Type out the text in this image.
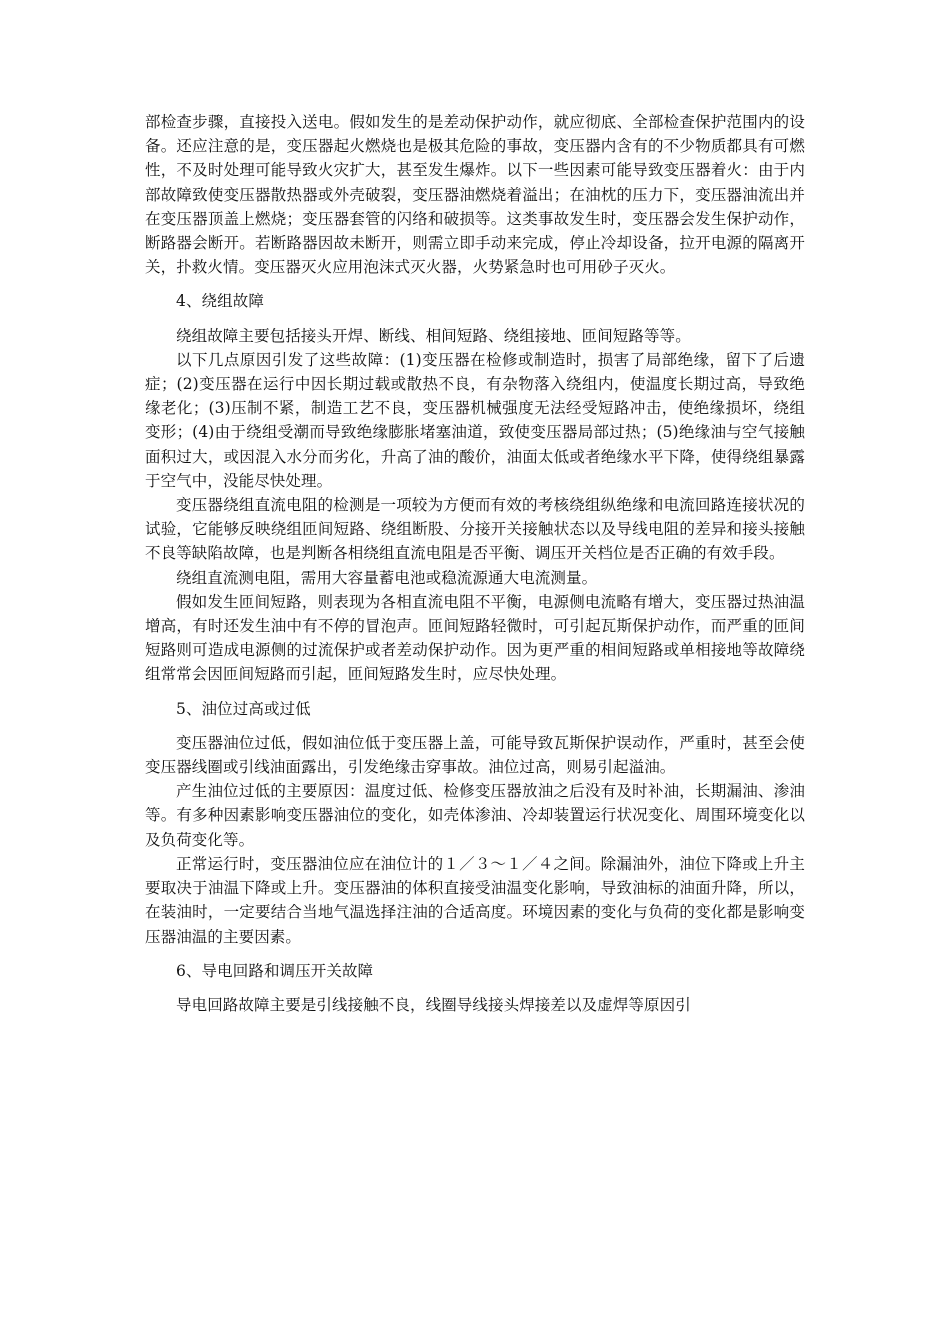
部检查步骤，直接投入送电。假如发生的是差动保护动作，就应彻底、全部检查保护范围内的设备。还应注意的是，变压器起火燃烧也是极其危险的事故，变压器内含有的不少物质都具有可燃性，不及时处理可能导致火灾扩大，甚至发生爆炸。以下一些因素可能导致变压器着火：由于内部故障致使变压器散热器或外壳破裂，变压器油燃烧着溢出；在油枕的压力下，变压器油流出并在变压器顶盖上燃烧；变压器套管的闪络和破损等。这类事故发生时，变压器会发生保护动作，断路器会断开。若断路器因故未断开，则需立即手动来完成，停止冷却设备，拉开电源的隔离开关，扑救火情。变压器灭火应用泡沫式灭火器，火势紧急时也可用砂子灭火。

4、绕组故障

绕组故障主要包括接头开焊、断线、相间短路、绕组接地、匝间短路等等。

以下几点原因引发了这些故障：(1)变压器在检修或制造时，损害了局部绝缘，留下了后遗症；(2)变压器在运行中因长期过载或散热不良，有杂物落入绕组内，使温度长期过高，导致绝缘老化；(3)压制不紧，制造工艺不良，变压器机械强度无法经受短路冲击，使绝缘损坏，绕组变形；(4)由于绕组受潮而导致绝缘膨胀堵塞油道，致使变压器局部过热；(5)绝缘油与空气接触面积过大，或因混入水分而劣化，升高了油的酸价，油面太低或者绝缘水平下降，使得绕组暴露于空气中，没能尽快处理。

变压器绕组直流电阻的检测是一项较为方便而有效的考核绕组纵绝缘和电流回路连接状况的试验，它能够反映绕组匝间短路、绕组断股、分接开关接触状态以及导线电阻的差异和接头接触不良等缺陷故障，也是判断各相绕组直流电阻是否平衡、调压开关档位是否正确的有效手段。

绕组直流测电阻，需用大容量蓄电池或稳流源通大电流测量。

假如发生匝间短路，则表现为各相直流电阻不平衡，电源侧电流略有增大，变压器过热油温增高，有时还发生油中有不停的冒泡声。匝间短路轻微时，可引起瓦斯保护动作，而严重的匝间短路则可造成电源侧的过流保护或者差动保护动作。因为更严重的相间短路或单相接地等故障绕组常常会因匝间短路而引起，匝间短路发生时，应尽快处理。

5、油位过高或过低

变压器油位过低，假如油位低于变压器上盖，可能导致瓦斯保护误动作，严重时，甚至会使变压器线圈或引线油面露出，引发绝缘击穿事故。油位过高，则易引起溢油。

产生油位过低的主要原因：温度过低、检修变压器放油之后没有及时补油，长期漏油、渗油等。有多种因素影响变压器油位的变化，如壳体渗油、冷却装置运行状况变化、周围环境变化以及负荷变化等。

正常运行时，变压器油位应在油位计的１／３～１／４之间。除漏油外，油位下降或上升主要取决于油温下降或上升。变压器油的体积直接受油温变化影响，导致油标的油面升降，所以，在装油时，一定要结合当地气温选择注油的合适高度。环境因素的变化与负荷的变化都是影响变压器油温的主要因素。

6、导电回路和调压开关故障

导电回路故障主要是引线接触不良，线圈导线接头焊接差以及虚焊等原因引
